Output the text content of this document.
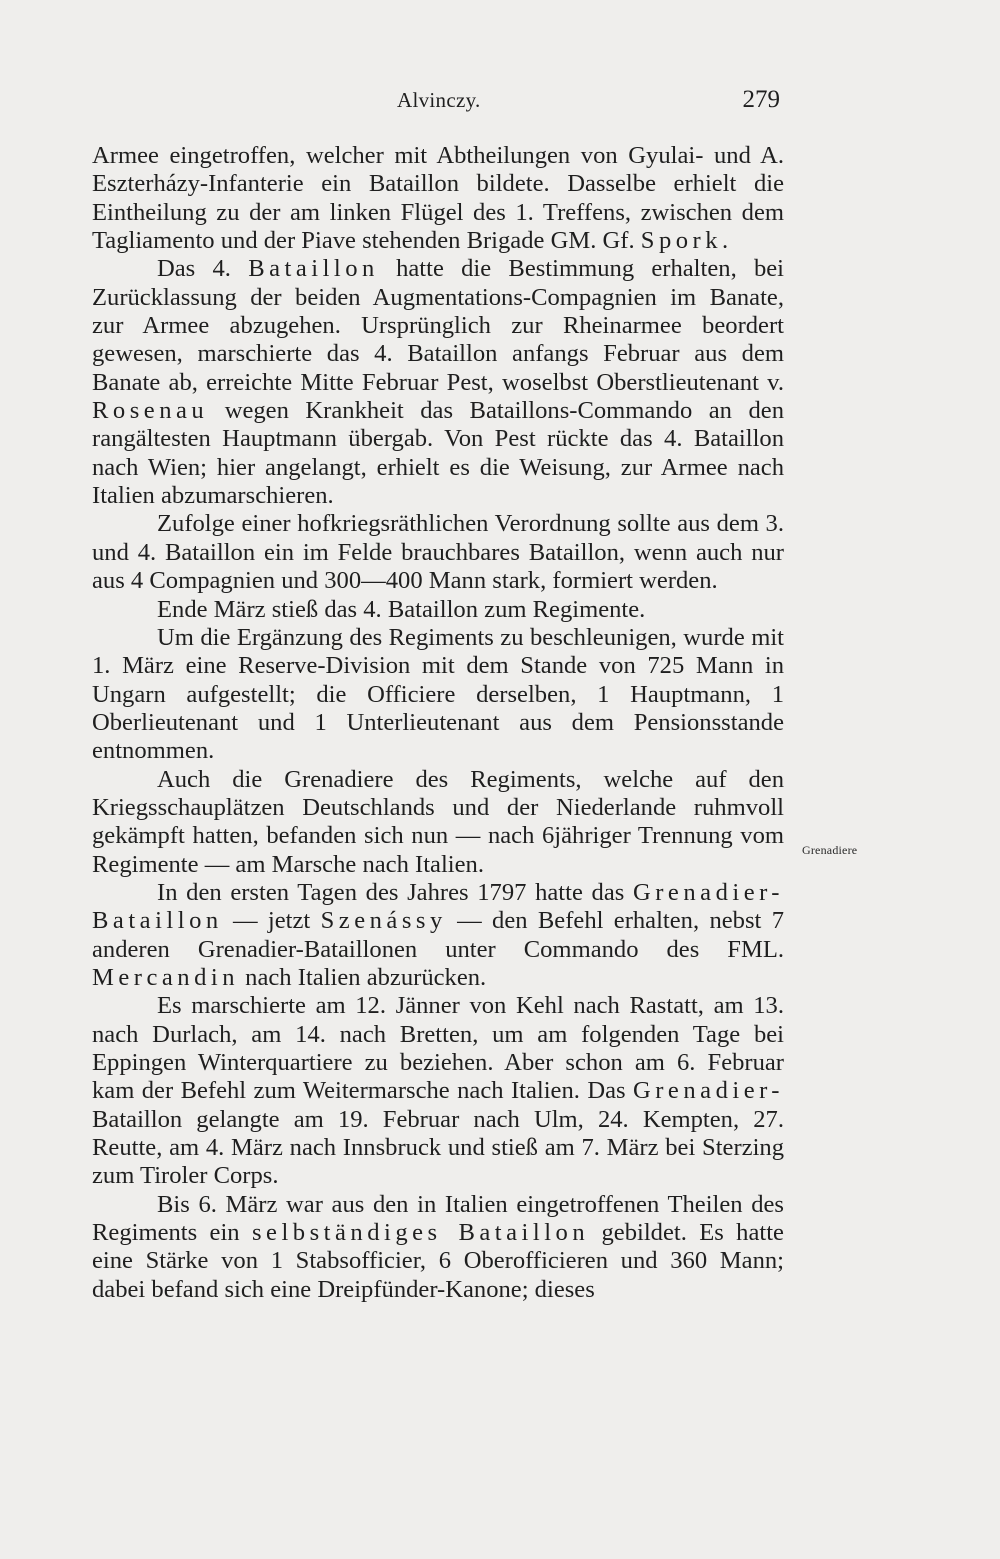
Alvinczy.	279

Armee eingetroffen, welcher mit Abtheilungen von Gyulai- und A. Eszterházy-Infanterie ein Bataillon bildete. Dasselbe erhielt die Eintheilung zu der am linken Flügel des 1. Treffens, zwischen dem Tagliamento und der Piave stehenden Brigade GM. Gf. Spork.

Das 4. Bataillon hatte die Bestimmung erhalten, bei Zurücklassung der beiden Augmentations-Compagnien im Banate, zur Armee abzugehen. Ursprünglich zur Rheinarmee beordert gewesen, marschierte das 4. Bataillon anfangs Februar aus dem Banate ab, erreichte Mitte Februar Pest, woselbst Oberstlieutenant v. Rosenau wegen Krankheit das Bataillons-Commando an den rangältesten Hauptmann übergab. Von Pest rückte das 4. Bataillon nach Wien; hier angelangt, erhielt es die Weisung, zur Armee nach Italien abzumarschieren.

Zufolge einer hofkriegsräthlichen Verordnung sollte aus dem 3. und 4. Bataillon ein im Felde brauchbares Bataillon, wenn auch nur aus 4 Compagnien und 300—400 Mann stark, formiert werden.

Ende März stieß das 4. Bataillon zum Regimente.

Um die Ergänzung des Regiments zu beschleunigen, wurde mit 1. März eine Reserve-Division mit dem Stande von 725 Mann in Ungarn aufgestellt; die Officiere derselben, 1 Hauptmann, 1 Oberlieutenant und 1 Unterlieutenant aus dem Pensionsstande entnommen.

Auch die Grenadiere des Regiments, welche auf den Kriegsschauplätzen Deutschlands und der Niederlande ruhmvoll gekämpft hatten, befanden sich nun — nach 6jähriger Trennung vom Regimente — am Marsche nach Italien.

In den ersten Tagen des Jahres 1797 hatte das Grenadier-Bataillon — jetzt Szenássy — den Befehl erhalten, nebst 7 anderen Grenadier-Bataillonen unter Commando des FML. Mercandin nach Italien abzurücken.

Es marschierte am 12. Jänner von Kehl nach Rastatt, am 13. nach Durlach, am 14. nach Bretten, um am folgenden Tage bei Eppingen Winterquartiere zu beziehen. Aber schon am 6. Februar kam der Befehl zum Weitermarsche nach Italien. Das Grenadier-Bataillon gelangte am 19. Februar nach Ulm, 24. Kempten, 27. Reutte, am 4. März nach Innsbruck und stieß am 7. März bei Sterzing zum Tiroler Corps.

Bis 6. März war aus den in Italien eingetroffenen Theilen des Regiments ein selbständiges Bataillon gebildet. Es hatte eine Stärke von 1 Stabsofficier, 6 Oberofficieren und 360 Mann; dabei befand sich eine Dreipfünder-Kanone; dieses

Grenadiere
